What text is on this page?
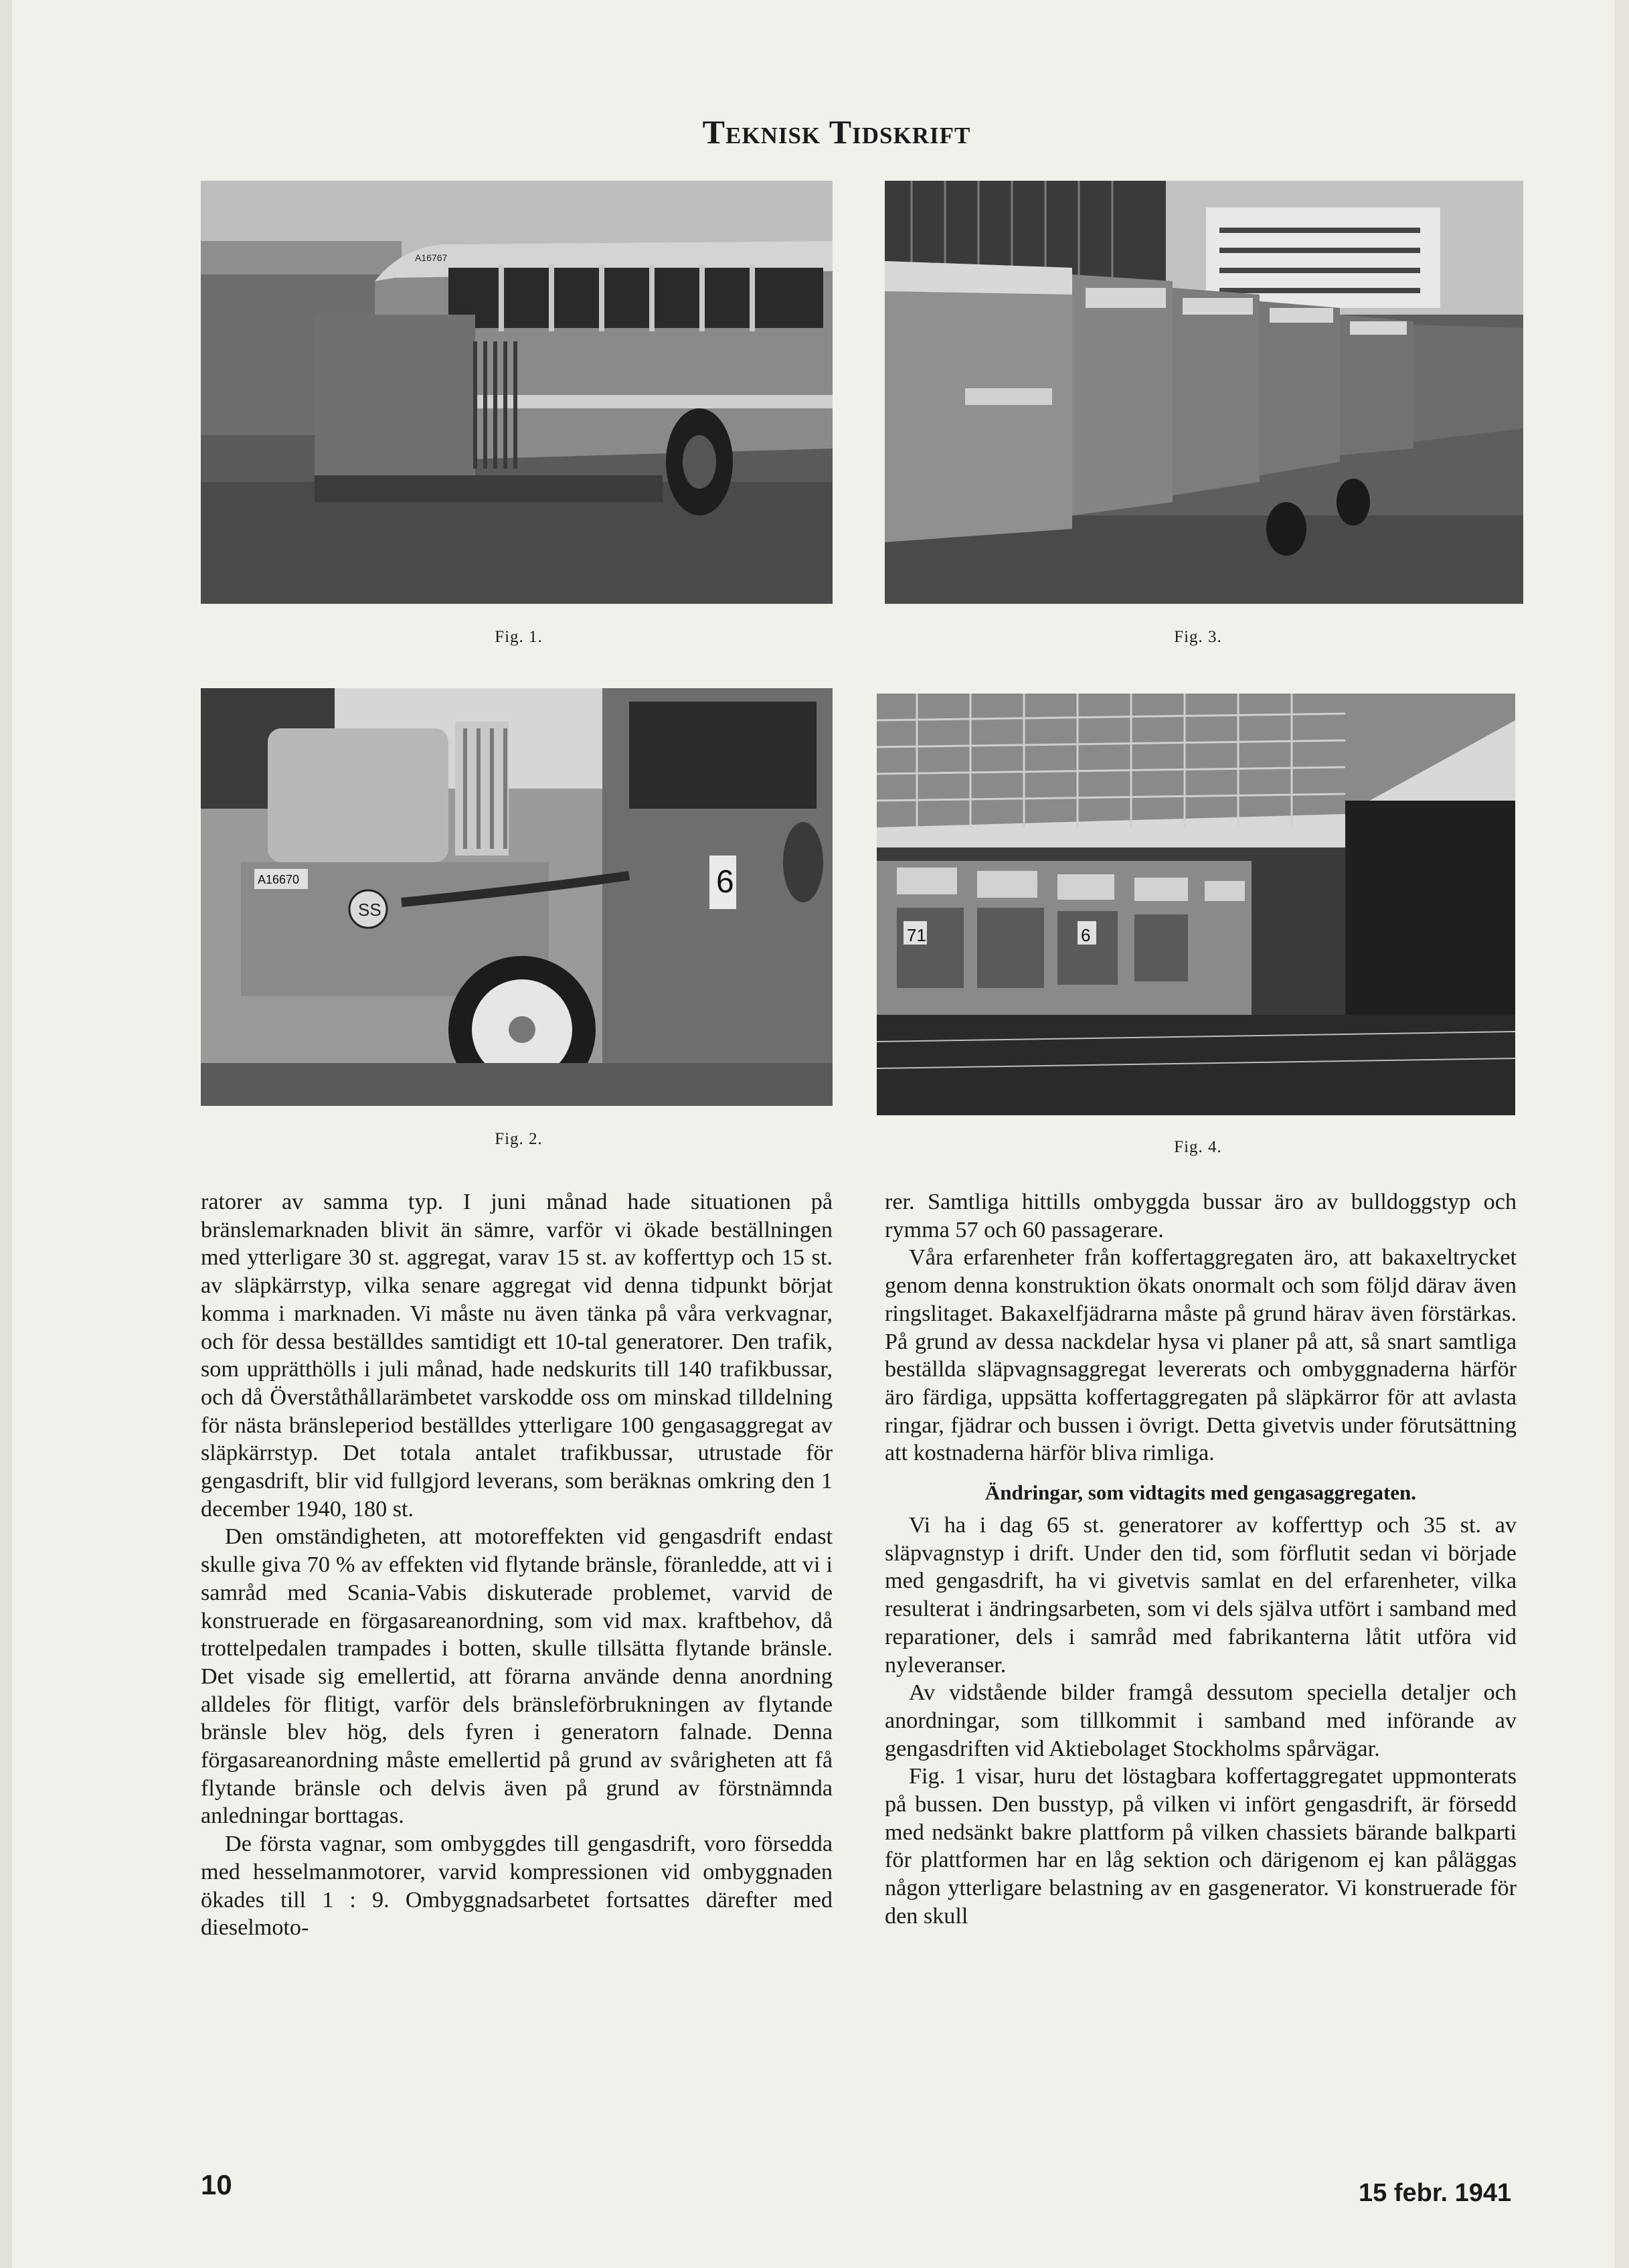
Teknisk Tidskrift
A16767
Fig. 1.	Fig. 3.
6
A16670
SS
Fig. 2.
71	6
Fig. 4.

ratorer av samma typ. I juni månad hade situationen på bränslemarknaden blivit än sämre, varför vi ökade beställningen med ytterligare 30 st. aggregat, varav 15 st. av kofferttyp och 15 st. av släpkärrstyp, vilka senare aggregat vid denna tidpunkt börjat komma i marknaden. Vi måste nu även tänka på våra verkvagnar, och för dessa beställdes samtidigt ett 10-tal generatorer. Den trafik, som upprätthölls i juli månad, hade nedskurits till 140 trafikbussar, och då Överståthållarämbetet varskodde oss om minskad tilldelning för nästa bränsleperiod beställdes ytterligare 100 gengasaggregat av släpkärrstyp. Det totala antalet trafikbussar, utrustade för gengasdrift, blir vid fullgjord leverans, som beräknas omkring den 1 december 1940, 180 st.

Den omständigheten, att motoreffekten vid gengasdrift endast skulle giva 70 % av effekten vid flytande bränsle, föranledde, att vi i samråd med Scania-Vabis diskuterade problemet, varvid de konstruerade en förgasareanordning, som vid max. kraftbehov, då trottelpedalen trampades i botten, skulle tillsätta flytande bränsle. Det visade sig emellertid, att förarna använde denna anordning alldeles för flitigt, varför dels bränsleförbrukningen av flytande bränsle blev hög, dels fyren i generatorn falnade. Denna förgasareanordning måste emellertid på grund av svårigheten att få flytande bränsle och delvis även på grund av förstnämnda anledningar borttagas.

De första vagnar, som ombyggdes till gengasdrift, voro försedda med hesselmanmotorer, varvid kompressionen vid ombyggnaden ökades till 1 : 9. Ombyggnadsarbetet fortsattes därefter med dieselmoto-

rer. Samtliga hittills ombyggda bussar äro av bulldoggstyp och rymma 57 och 60 passagerare.

Våra erfarenheter från koffertaggregaten äro, att bakaxeltrycket genom denna konstruktion ökats onormalt och som följd därav även ringslitaget. Bakaxelfjädrarna måste på grund härav även förstärkas. På grund av dessa nackdelar hysa vi planer på att, så snart samtliga beställda släpvagnsaggregat levererats och ombyggnaderna härför äro färdiga, uppsätta koffertaggregaten på släpkärror för att avlasta ringar, fjädrar och bussen i övrigt. Detta givetvis under förutsättning att kostnaderna härför bliva rimliga.

Ändringar, som vidtagits med gengasaggregaten.

Vi ha i dag 65 st. generatorer av kofferttyp och 35 st. av släpvagnstyp i drift. Under den tid, som förflutit sedan vi började med gengasdrift, ha vi givetvis samlat en del erfarenheter, vilka resulterat i ändringsarbeten, som vi dels själva utfört i samband med reparationer, dels i samråd med fabrikanterna låtit utföra vid nyleveranser.

Av vidstående bilder framgå dessutom speciella detaljer och anordningar, som tillkommit i samband med införande av gengasdriften vid Aktiebolaget Stockholms spårvägar.

Fig. 1 visar, huru det löstagbara koffertaggregatet uppmonterats på bussen. Den busstyp, på vilken vi infört gengasdrift, är försedd med nedsänkt bakre plattform på vilken chassiets bärande balkparti för plattformen har en låg sektion och därigenom ej kan påläggas någon ytterligare belastning av en gasgenerator. Vi konstruerade för den skull

10	15 febr. 1941
